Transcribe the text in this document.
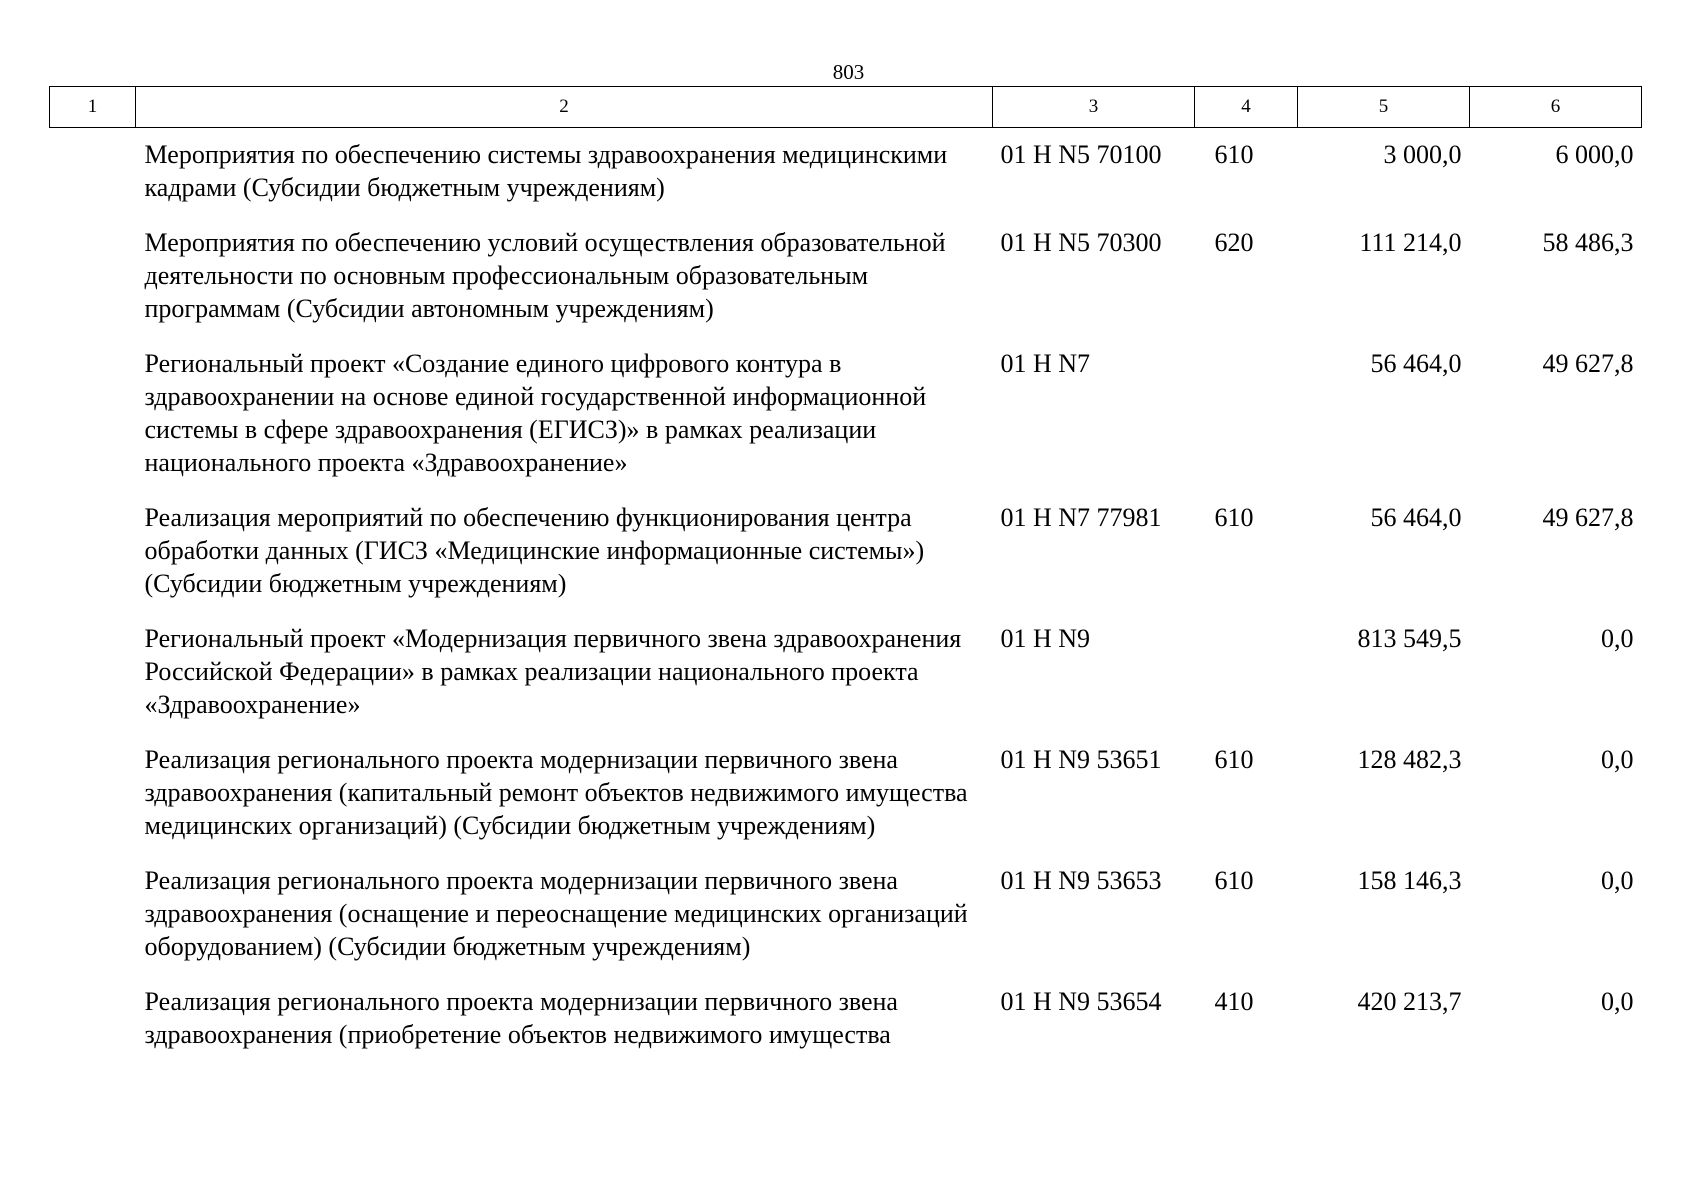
803
1	2	3	4	5	6
	Мероприятия по обеспечению системы здравоохранения медицинскими кадрами (Субсидии бюджетным учреждениям)	01 Н N5 70100	610	3 000,0	6 000,0
	Мероприятия по обеспечению условий осуществления образовательной деятельности по основным профессиональным образовательным программам (Субсидии автономным учреждениям)	01 Н N5 70300	620	111 214,0	58 486,3
	Региональный проект «Создание единого цифрового контура в здравоохранении на основе единой государственной информационной системы в сфере здравоохранения (ЕГИСЗ)» в рамках реализации национального проекта «Здравоохранение»	01 Н N7		56 464,0	49 627,8
	Реализация мероприятий по обеспечению функционирования центра обработки данных (ГИСЗ «Медицинские информационные системы») (Субсидии бюджетным учреждениям)	01 Н N7 77981	610	56 464,0	49 627,8
	Региональный проект «Модернизация первичного звена здравоохранения Российской Федерации» в рамках реализации национального проекта «Здравоохранение»	01 Н N9		813 549,5	0,0
	Реализация регионального проекта модернизации первичного звена здравоохранения (капитальный ремонт объектов недвижимого имущества медицинских организаций) (Субсидии бюджетным учреждениям)	01 Н N9 53651	610	128 482,3	0,0
	Реализация регионального проекта модернизации первичного звена здравоохранения (оснащение и переоснащение медицинских организаций оборудованием) (Субсидии бюджетным учреждениям)	01 Н N9 53653	610	158 146,3	0,0
	Реализация регионального проекта модернизации первичного звена здравоохранения (приобретение объектов недвижимого имущества	01 Н N9 53654	410	420 213,7	0,0
